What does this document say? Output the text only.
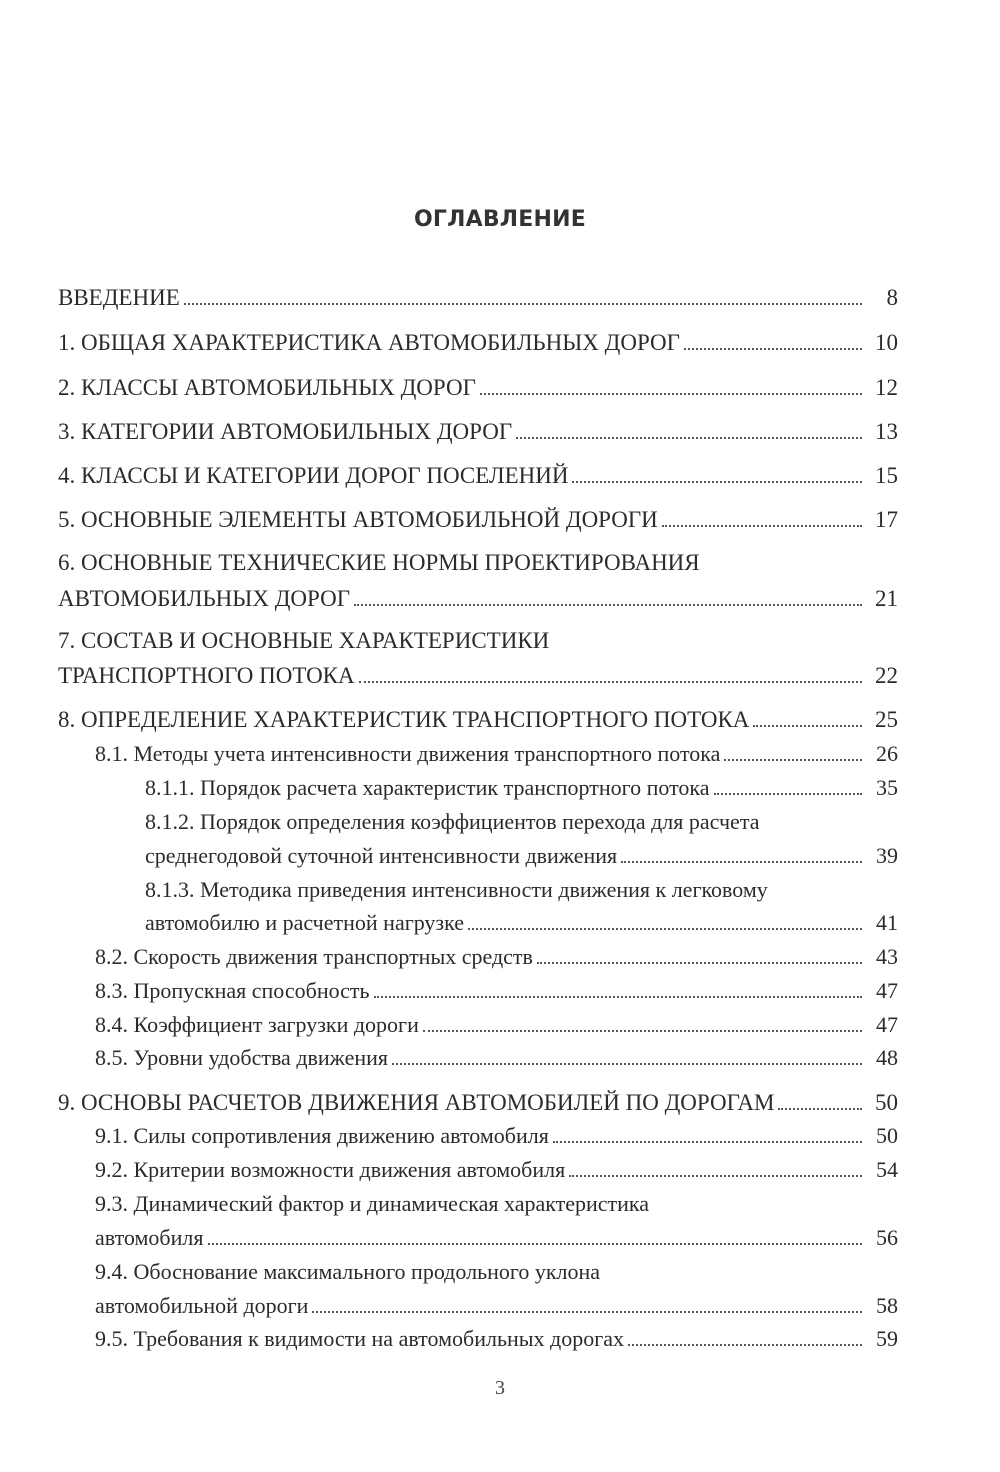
ОГЛАВЛЕНИЕ
ВВЕДЕНИЕ	8
1. ОБЩАЯ ХАРАКТЕРИСТИКА АВТОМОБИЛЬНЫХ ДОРОГ	10
2. КЛАССЫ АВТОМОБИЛЬНЫХ ДОРОГ	12
3. КАТЕГОРИИ АВТОМОБИЛЬНЫХ ДОРОГ	13
4. КЛАССЫ И КАТЕГОРИИ ДОРОГ ПОСЕЛЕНИЙ	15
5. ОСНОВНЫЕ ЭЛЕМЕНТЫ АВТОМОБИЛЬНОЙ ДОРОГИ	17
6. ОСНОВНЫЕ ТЕХНИЧЕСКИЕ НОРМЫ ПРОЕКТИРОВАНИЯ
АВТОМОБИЛЬНЫХ ДОРОГ	21
7. СОСТАВ И ОСНОВНЫЕ ХАРАКТЕРИСТИКИ
ТРАНСПОРТНОГО ПОТОКА	22
8. ОПРЕДЕЛЕНИЕ ХАРАКТЕРИСТИК ТРАНСПОРТНОГО ПОТОКА	25
8.1. Методы учета интенсивности движения транспортного потока	26
8.1.1. Порядок расчета характеристик транспортного потока	35
8.1.2. Порядок определения коэффициентов перехода для расчета
среднегодовой суточной интенсивности движения	39
8.1.3. Методика приведения интенсивности движения к легковому
автомобилю и расчетной нагрузке	41
8.2. Скорость движения транспортных средств	43
8.3. Пропускная способность	47
8.4. Коэффициент загрузки дороги	47
8.5. Уровни удобства движения	48
9. ОСНОВЫ РАСЧЕТОВ ДВИЖЕНИЯ АВТОМОБИЛЕЙ ПО ДОРОГАМ	50
9.1. Силы сопротивления движению автомобиля	50
9.2. Критерии возможности движения автомобиля	54
9.3. Динамический фактор и динамическая характеристика
автомобиля	56
9.4. Обоснование максимального продольного уклона
автомобильной дороги	58
9.5. Требования к видимости на автомобильных дорогах	59
3
